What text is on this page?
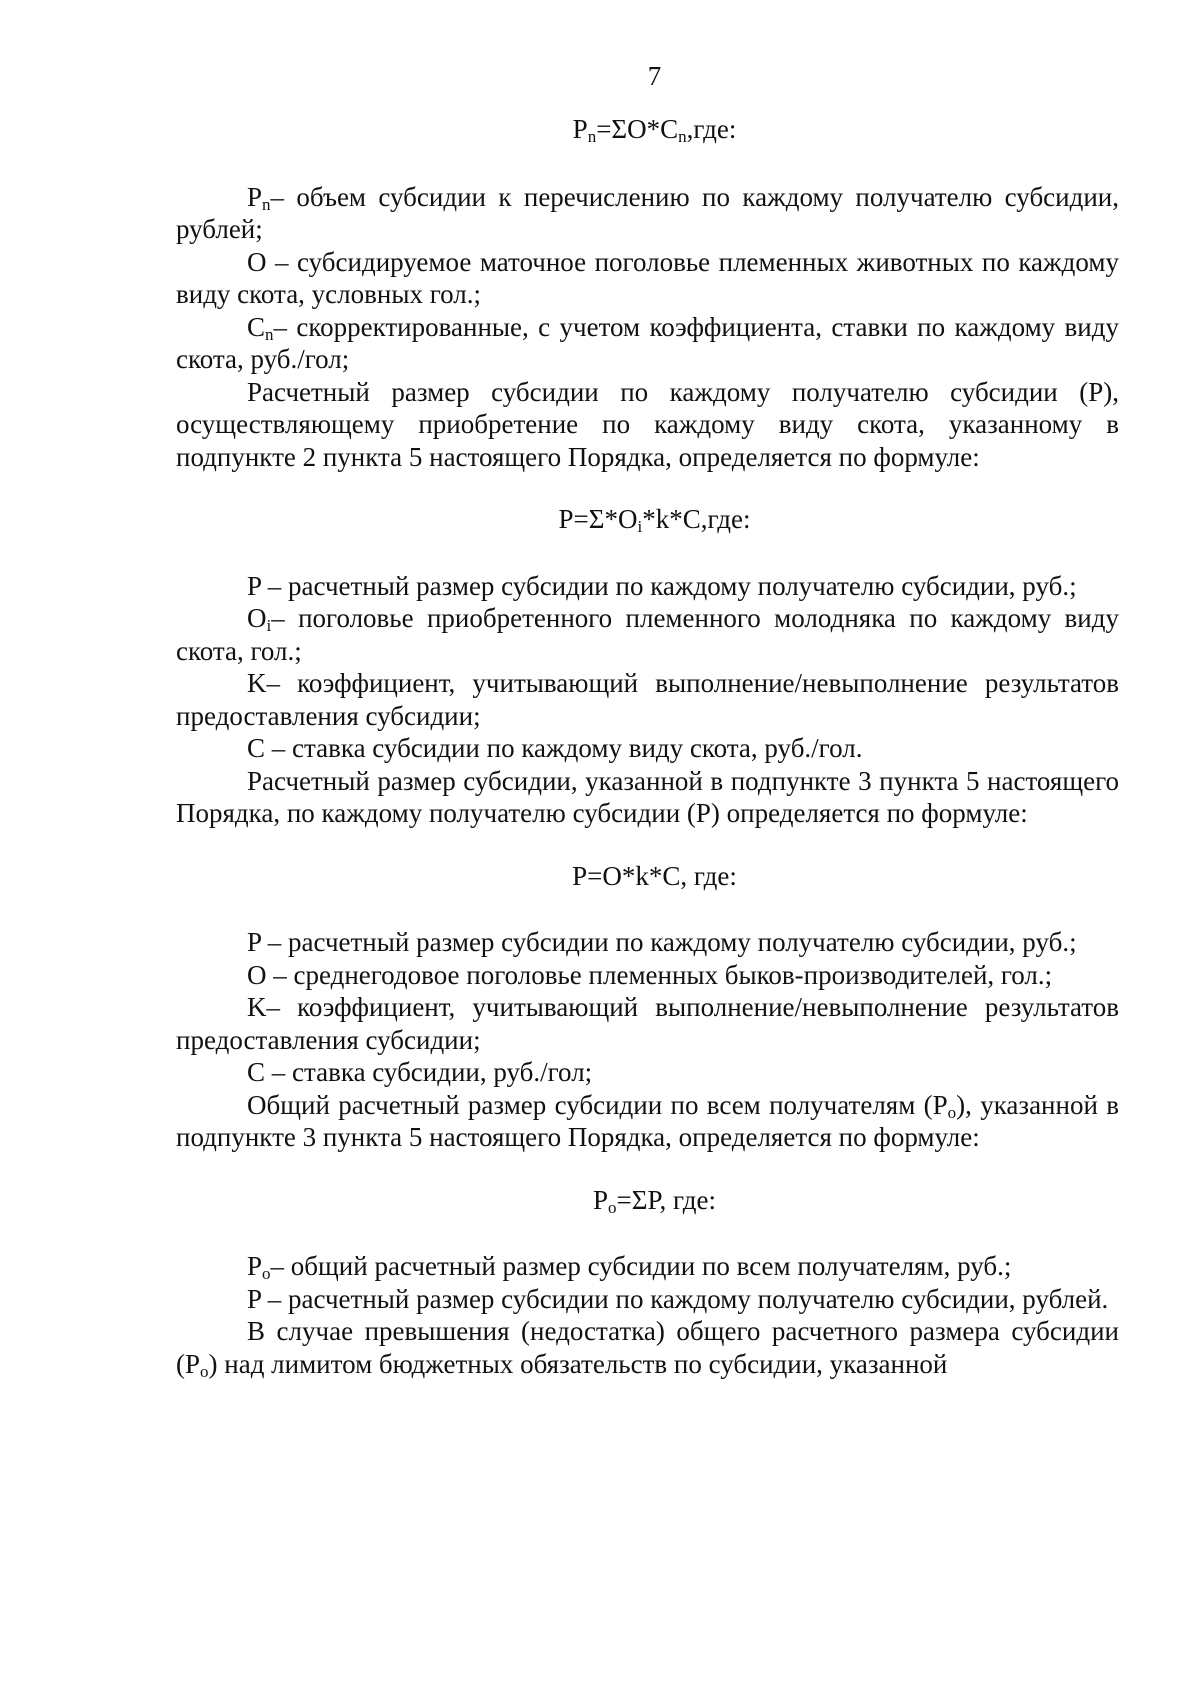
7

$P_n=\Sigma O*C_n,где$:

$P_n-$ объем субсидии к перечислению по каждому получателю субсидии, рублей;

O – субсидируемое маточное поголовье племенных животных по каждому виду скота, условных гол.;

$C_n-$ скорректированные, с учетом коэффициента, ставки по каждому виду скота, руб./гол;

Расчетный размер субсидии по каждому получателю субсидии (P), осуществляющему приобретение по каждому виду скота, указанному в подпункте 2 пункта 5 настоящего Порядка, определяется по формуле:

$P=\Sigma*O_i*k*C,где$:

P – расчетный размер субсидии по каждому получателю субсидии, руб.;

$O_i-$ поголовье приобретенного племенного молодняка по каждому виду скота, гол.;

K– коэффициент, учитывающий выполнение/невыполнение результатов предоставления субсидии;

C – ставка субсидии по каждому виду скота, руб./гол.

Расчетный размер субсидии, указанной в подпункте 3 пункта 5 настоящего Порядка, по каждому получателю субсидии (P) определяется по формуле:

P=O*k*C, где:

P – расчетный размер субсидии по каждому получателю субсидии, руб.;

O – среднегодовое поголовье племенных быков-производителей, гол.;

K– коэффициент, учитывающий выполнение/невыполнение результатов предоставления субсидии;

C – ставка субсидии, руб./гол;

Общий расчетный размер субсидии по всем получателям $(P_o)$, указанной в подпункте 3 пункта 5 настоящего Порядка, определяется по формуле:

$P_o=\Sigma P$, где:

$P_o-$ общий расчетный размер субсидии по всем получателям, руб.;

P – расчетный размер субсидии по каждому получателю субсидии, рублей.

В случае превышения (недостатка) общего расчетного размера субсидии $(P_o)$ над лимитом бюджетных обязательств по субсидии, указанной
